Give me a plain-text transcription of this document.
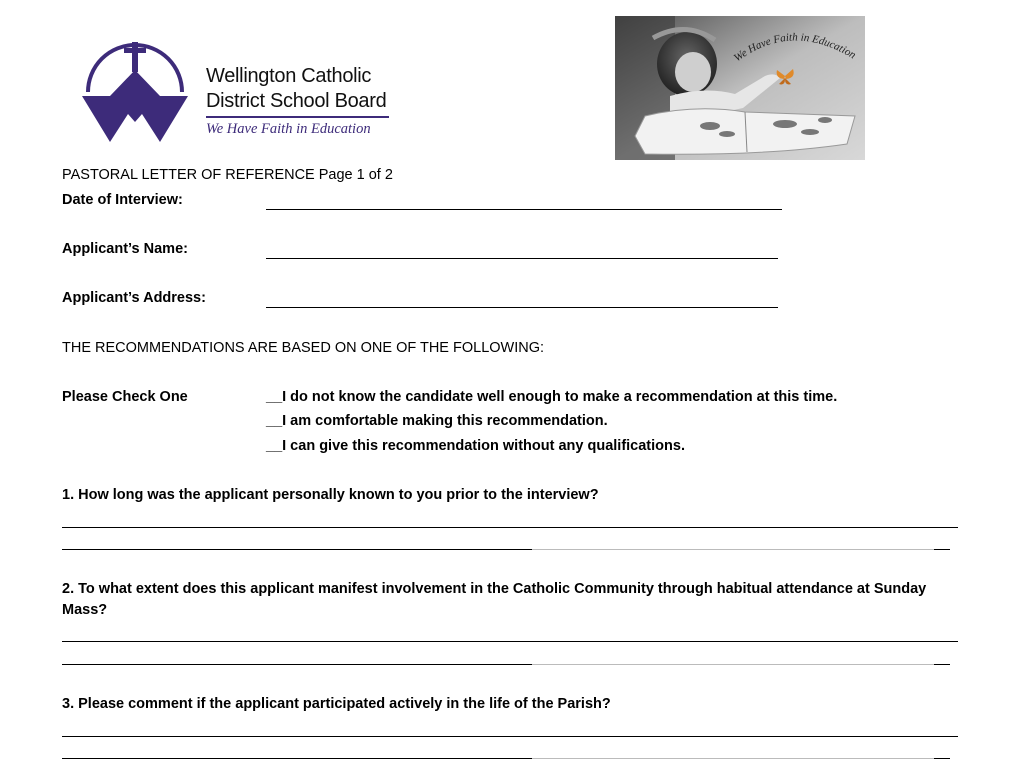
Wellington Catholic
District School Board
We Have Faith in Education
We Have Faith in Education
PASTORAL LETTER OF REFERENCE Page 1 of 2
Date of Interview:
Applicant’s Name:
Applicant’s Address:
THE RECOMMENDATIONS ARE BASED ON ONE OF THE FOLLOWING:
Please Check One	__I do not know the candidate well enough to make a recommendation at this time.
__I am comfortable making this recommendation.
__I can give this recommendation without any qualifications.
1. How long was the applicant personally known to you prior to the interview?
2. To what extent does this applicant manifest involvement in the Catholic Community through habitual attendance at Sunday
Mass?
3. Please comment if the applicant participated actively in the life of the Parish?
